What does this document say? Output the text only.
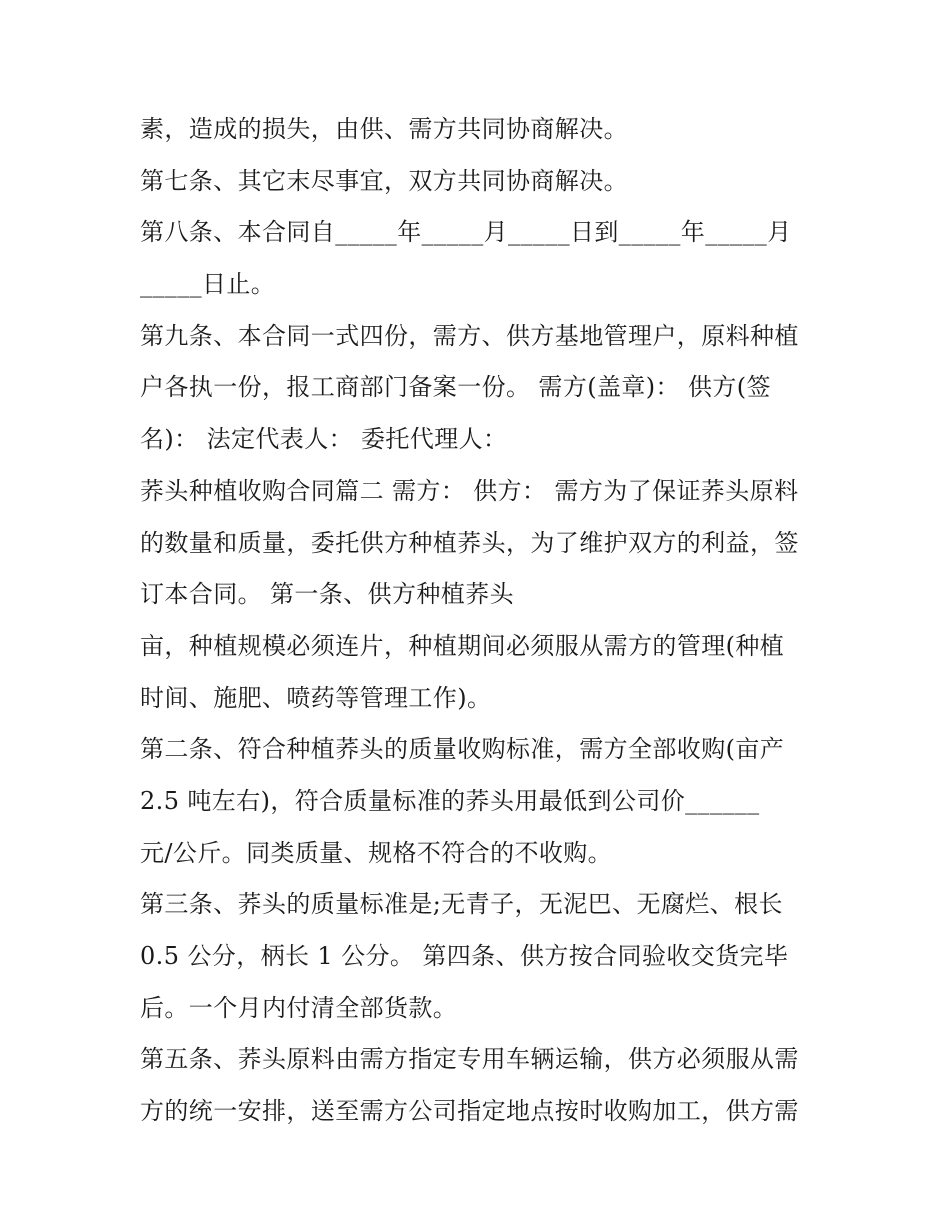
素，造成的损失，由供、需方共同协商解决。
第七条、其它末尽事宜，双方共同协商解决。
第八条、本合同自_____年_____月_____日到_____年_____月
_____日止。
第九条、本合同一式四份，需方、供方基地管理户，原料种植
户各执一份，报工商部门备案一份。 需方(盖章)： 供方(签
名)： 法定代表人： 委托代理人：
荞头种植收购合同篇二 需方： 供方： 需方为了保证荞头原料
的数量和质量，委托供方种植荞头，为了维护双方的利益，签
订本合同。 第一条、供方种植荞头
亩，种植规模必须连片，种植期间必须服从需方的管理(种植
时间、施肥、喷药等管理工作)。
第二条、符合种植荞头的质量收购标准，需方全部收购(亩产
2.5 吨左右)，符合质量标准的荞头用最低到公司价______
元/公斤。同类质量、规格不符合的不收购。
第三条、荞头的质量标准是;无青子，无泥巴、无腐烂、根长
0.5 公分，柄长 1 公分。 第四条、供方按合同验收交货完毕
后。一个月内付清全部货款。
第五条、荞头原料由需方指定专用车辆运输，供方必须服从需
方的统一安排，送至需方公司指定地点按时收购加工，供方需
